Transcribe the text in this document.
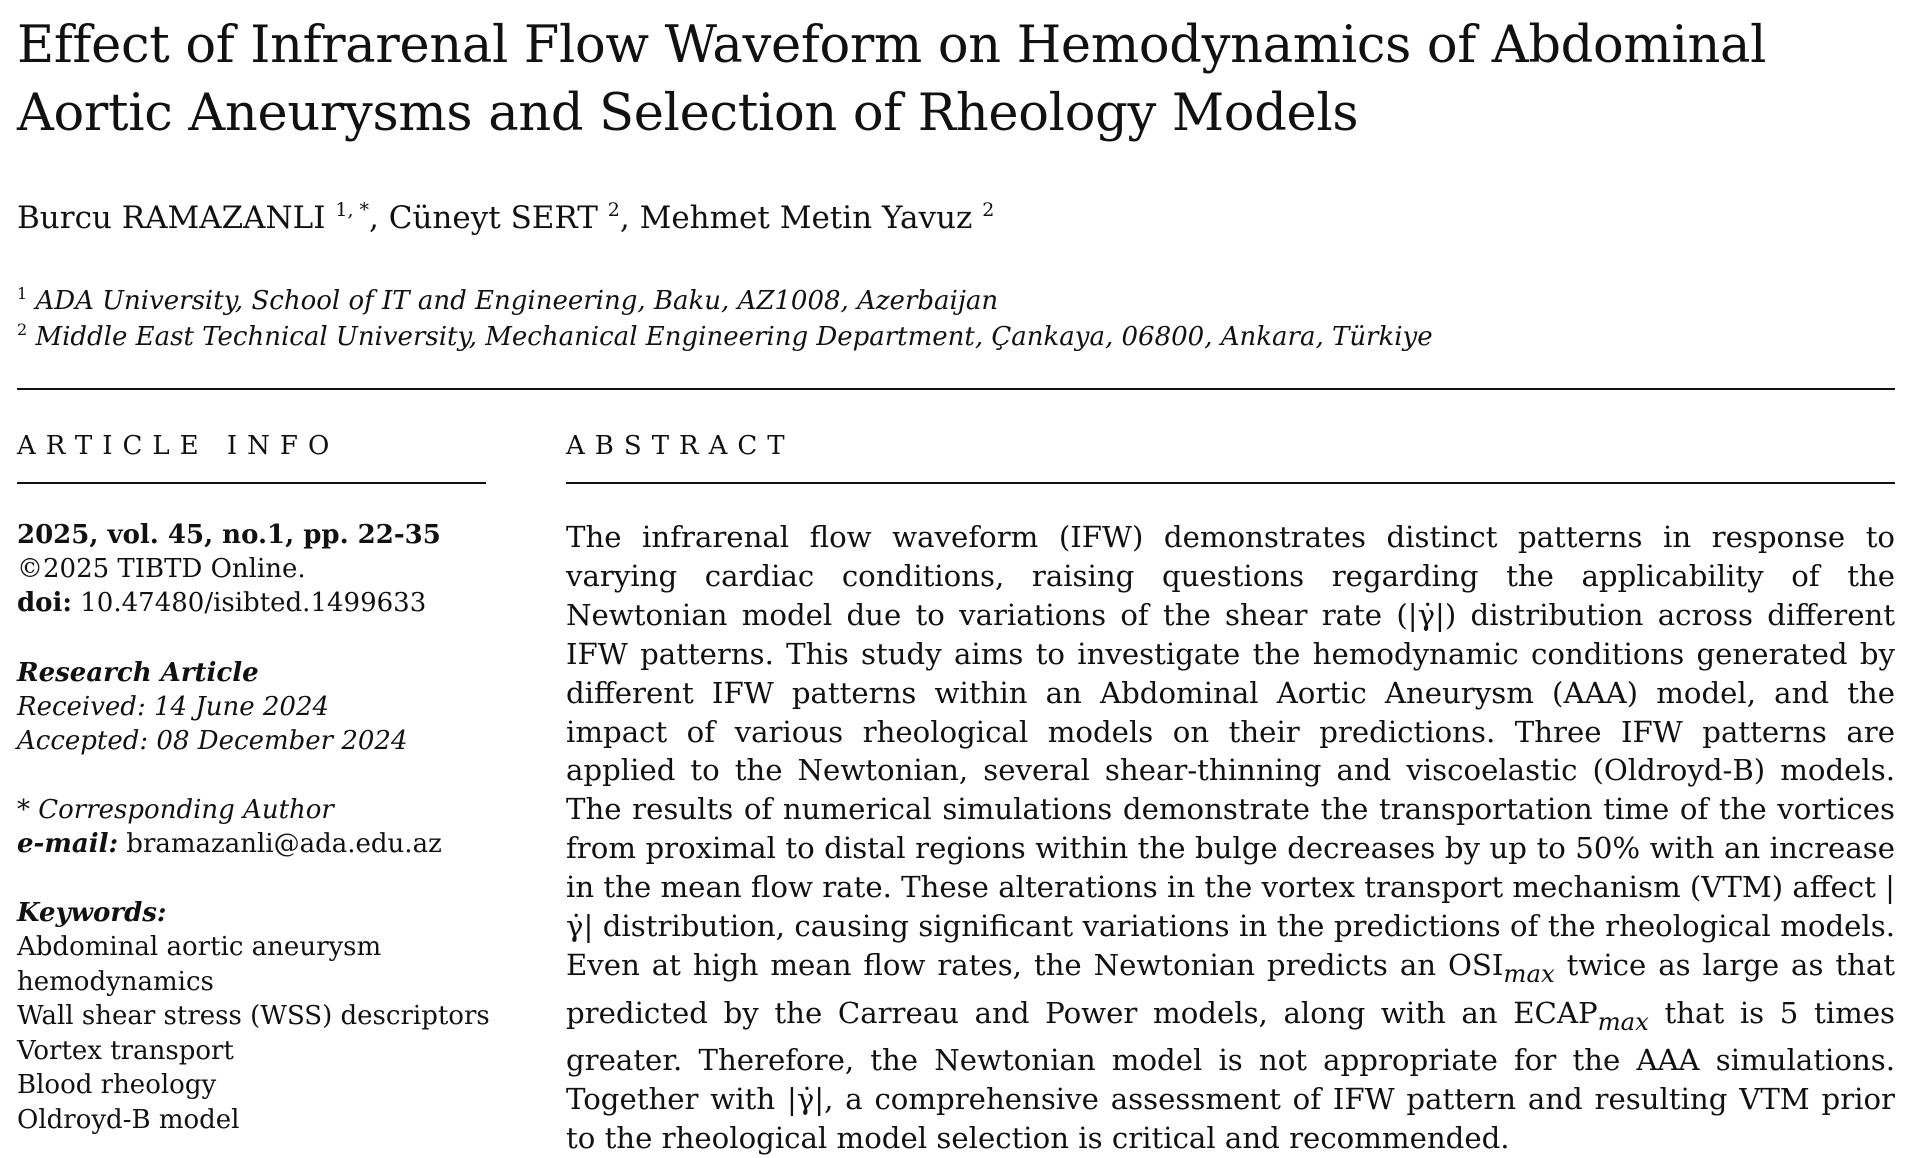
Effect of Infrarenal Flow Waveform on Hemodynamics of Abdominal Aortic Aneurysms and Selection of Rheology Models
Burcu RAMAZANLI $^{1, *}$, Cüneyt SERT $^2$, Mehmet Metin Yavuz $^2$
$^1$ ADA University, School of IT and Engineering, Baku, AZ1008, Azerbaijan
$^2$ Middle East Technical University, Mechanical Engineering Department, Çankaya, 06800, Ankara, Türkiye
ARTICLE INFO	ABSTRACT
2025, vol. 45, no.1, pp. 22-35
©2025 TIBTD Online.
doi: 10.47480/isibted.1499633
Research Article
Received: 14 June 2024
Accepted: 08 December 2024
* Corresponding Author
e-mail: bramazanli@ada.edu.az
Keywords:
Abdominal aortic aneurysm
hemodynamics
Wall shear stress (WSS) descriptors
Vortex transport
Blood rheology
Oldroyd-B model

The infrarenal flow waveform (IFW) demonstrates distinct patterns in response to varying cardiac conditions, raising questions regarding the applicability of the Newtonian model due to variations of the shear rate (|γ̇|) distribution across different IFW patterns. This study aims to investigate the hemodynamic conditions generated by different IFW patterns within an Abdominal Aortic Aneurysm (AAA) model, and the impact of various rheological models on their predictions. Three IFW patterns are applied to the Newtonian, several shear-thinning and viscoelastic (Oldroyd-B) models. The results of numerical simulations demonstrate the transportation time of the vortices from proximal to distal regions within the bulge decreases by up to 50% with an increase in the mean flow rate. These alterations in the vortex transport mechanism (VTM) affect |γ̇| distribution, causing significant variations in the predictions of the rheological models. Even at high mean flow rates, the Newtonian predicts an $OSI_{max}$ twice as large as that predicted by the Carreau and Power models, along with an $ECAP_{max}$ that is 5 times greater. Therefore, the Newtonian model is not appropriate for the AAA simulations. Together with |γ̇|, a comprehensive assessment of IFW pattern and resulting VTM prior to the rheological model selection is critical and recommended.
